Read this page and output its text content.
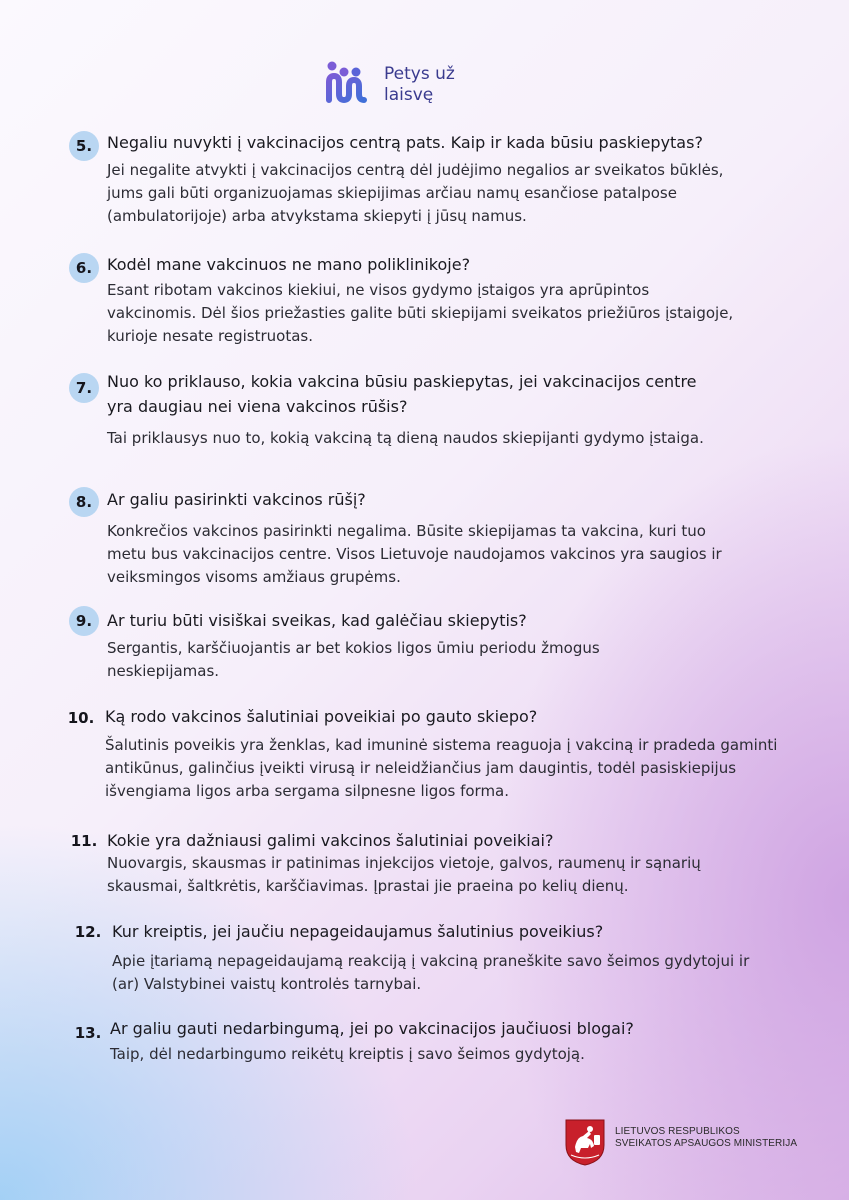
Petys už
laisvę
5. Negaliu nuvykti į vakcinacijos centrą pats. Kaip ir kada būsiu paskiepytas?
Jei negalite atvykti į vakcinacijos centrą dėl judėjimo negalios ar sveikatos būklės, jums gali būti organizuojamas skiepijimas arčiau namų esančiose patalpose (ambulatorijoje) arba atvykstama skiepyti į jūsų namus.
6. Kodėl mane vakcinuos ne mano poliklinikoje?
Esant ribotam vakcinos kiekiui, ne visos gydymo įstaigos yra aprūpintos vakcinomis. Dėl šios priežasties galite būti skiepijami sveikatos priežiūros įstaigoje, kurioje nesate registruotas.
7. Nuo ko priklauso, kokia vakcina būsiu paskiepytas, jei vakcinacijos centre
yra daugiau nei viena vakcinos rūšis?
Tai priklausys nuo to, kokią vakciną tą dieną naudos skiepijanti gydymo įstaiga.
8. Ar galiu pasirinkti vakcinos rūšį?
Konkrečios vakcinos pasirinkti negalima. Būsite skiepijamas ta vakcina, kuri tuo metu bus vakcinacijos centre. Visos Lietuvoje naudojamos vakcinos yra saugios ir veiksmingos visoms amžiaus grupėms.
9. Ar turiu būti visiškai sveikas, kad galėčiau skiepytis?
Sergantis, karščiuojantis ar bet kokios ligos ūmiu periodu žmogus neskiepijamas.
10. Ką rodo vakcinos šalutiniai poveikiai po gauto skiepo?
Šalutinis poveikis yra ženklas, kad imuninė sistema reaguoja į vakciną ir pradeda gaminti antikūnus, galinčius įveikti virusą ir neleidžiančius jam daugintis, todėl pasiskiepijus išvengiama ligos arba sergama silpnesne ligos forma.
11. Kokie yra dažniausi galimi vakcinos šalutiniai poveikiai?
Nuovargis, skausmas ir patinimas injekcijos vietoje, galvos, raumenų ir sąnarių skausmai, šaltkrėtis, karščiavimas. Įprastai jie praeina po kelių dienų.
12. Kur kreiptis, jei jaučiu nepageidaujamus šalutinius poveikius?
Apie įtariamą nepageidaujamą reakciją į vakciną praneškite savo šeimos gydytojui ir (ar) Valstybinei vaistų kontrolės tarnybai.
13. Ar galiu gauti nedarbingumą, jei po vakcinacijos jaučiuosi blogai?
Taip, dėl nedarbingumo reikėtų kreiptis į savo šeimos gydytoją.
LIETUVOS RESPUBLIKOS
SVEIKATOS APSAUGOS MINISTERIJA
